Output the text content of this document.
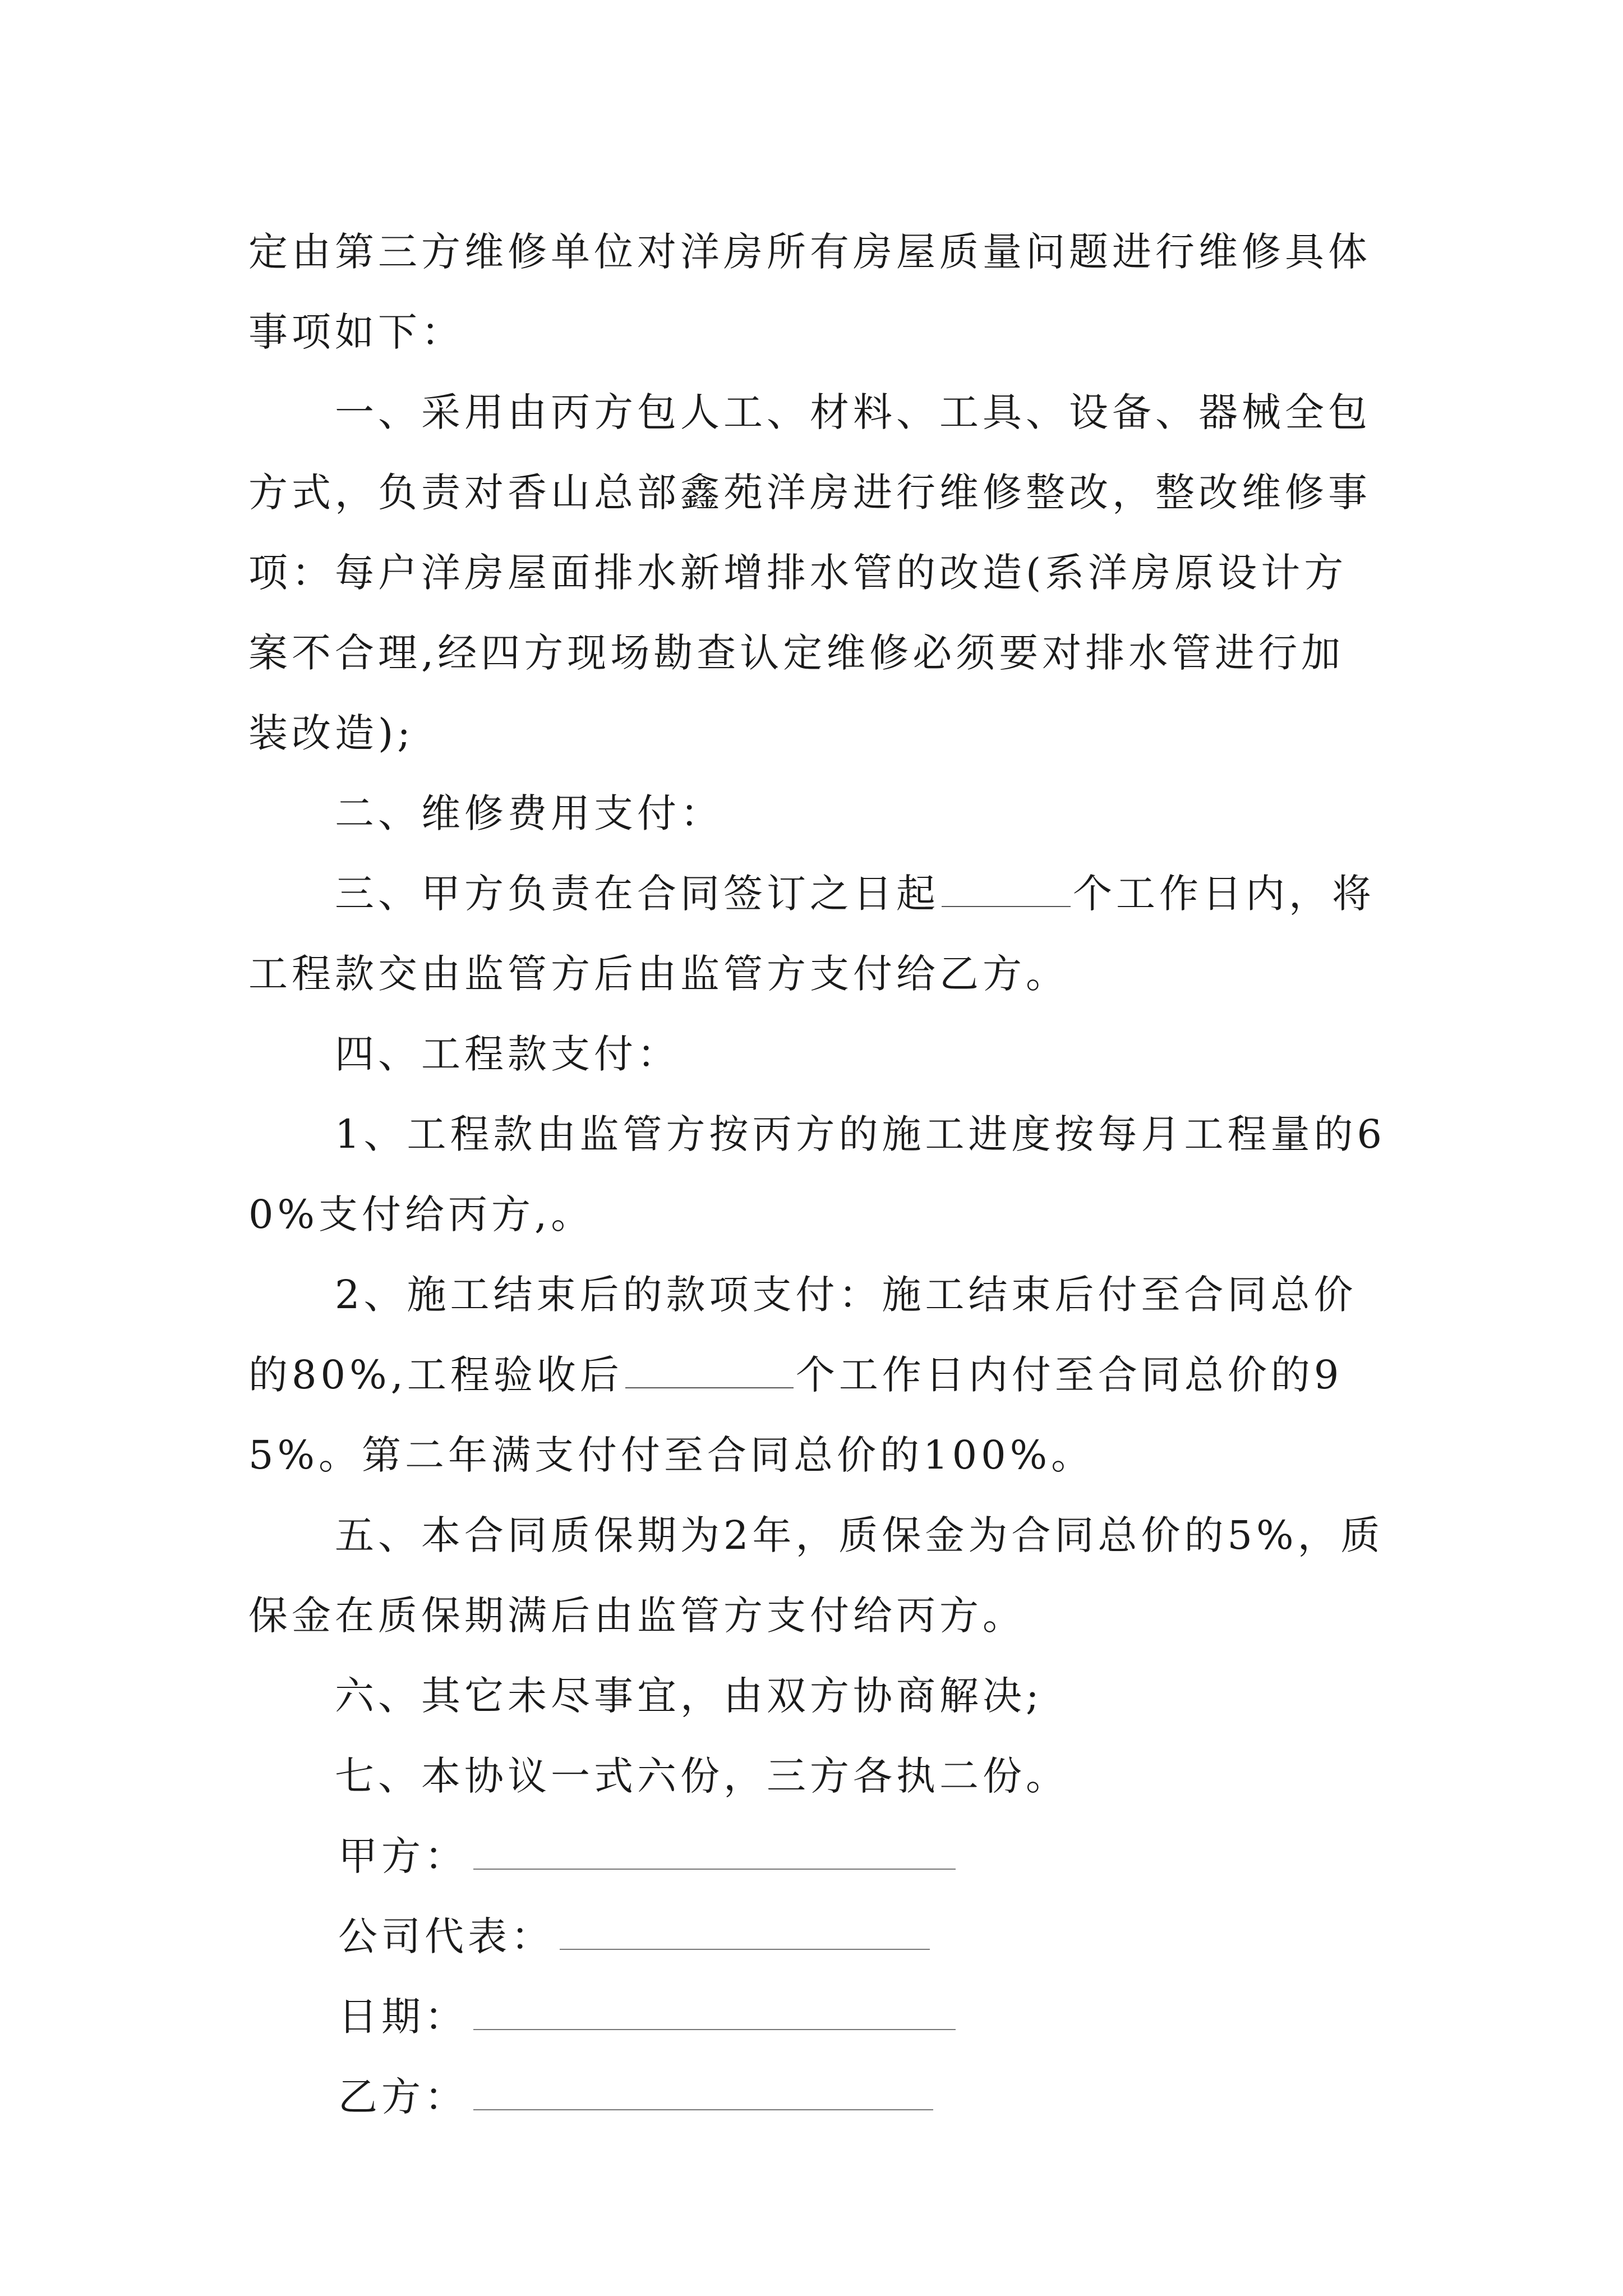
定由第三方维修单位对洋房所有房屋质量问题进行维修具体事项如下：

一、采用由丙方包人工、材料、工具、设备、器械全包方式，负责对香山总部鑫苑洋房进行维修整改，整改维修事项：每户洋房屋面排水新增排水管的改造(系洋房原设计方案不合理,经四方现场勘查认定维修必须要对排水管进行加装改造);

二、维修费用支付：

三、甲方负责在合同签订之日起	个工作日内，将工程款交由监管方后由监管方支付给乙方。

四、工程款支付：

1、工程款由监管方按丙方的施工进度按每月工程量的60%支付给丙方,。

2、施工结束后的款项支付：施工结束后付至合同总价的80%,工程验收后	个工作日内付至合同总价的95%。第二年满支付付至合同总价的100%。

五、本合同质保期为2年，质保金为合同总价的5%，质保金在质保期满后由监管方支付给丙方。

六、其它未尽事宜，由双方协商解决;

七、本协议一式六份，三方各执二份。

甲方：

公司代表：

日期：

乙方：
